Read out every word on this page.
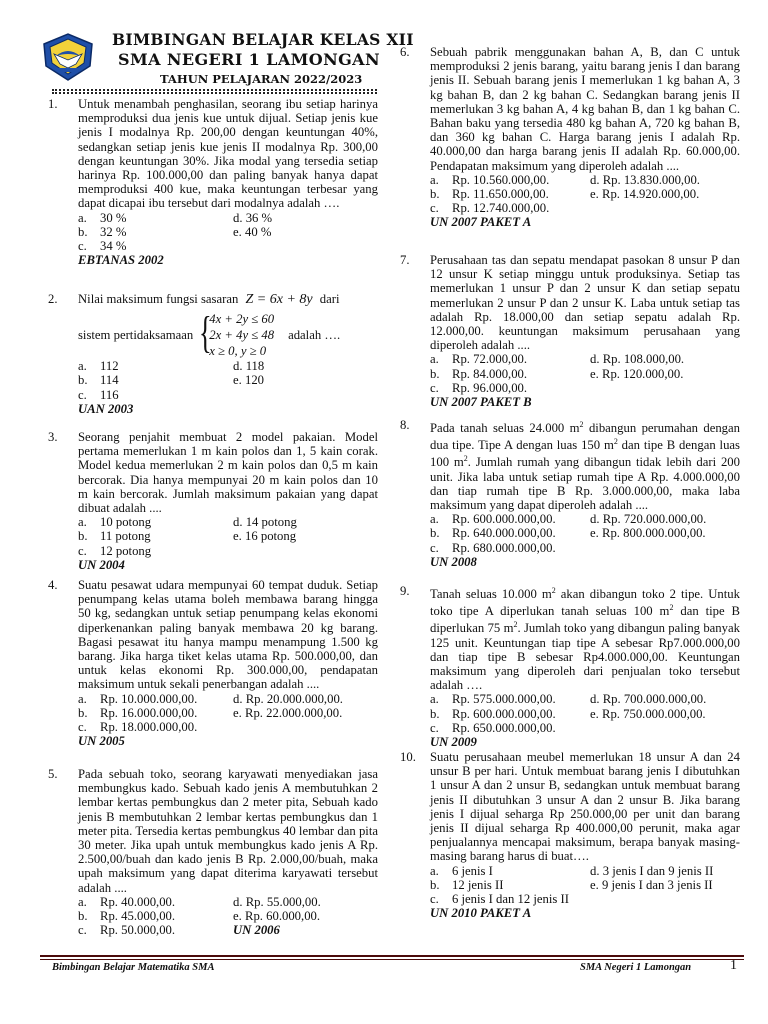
BIMBINGAN BELAJAR KELAS XII
SMA NEGERI 1 LAMONGAN
TAHUN PELAJARAN 2022/2023
1.	Untuk menambah penghasilan, seorang ibu setiap harinya memproduksi dua jenis kue untuk dijual. Setiap jenis kue jenis I modalnya Rp. 200,00 dengan keuntungan 40%, sedangkan setiap jenis kue jenis II modalnya Rp. 300,00 dengan keuntungan 30%. Jika modal yang tersedia setiap harinya Rp. 100.000,00 dan paling banyak hanya dapat memproduksi 400 kue, maka keuntungan terbesar yang dapat dicapai ibu tersebut dari modalnya adalah ….

a. 30 %	d. 36 %
b. 32 %	e. 40 %
c. 34 %
EBTANAS 2002
2.	Nilai maksimum fungsi sasaran Z = 6x + 8y dari
sistem pertidaksamaan {
4x + 2y ≤ 60
2x + 4y ≤ 48
x ≥ 0, y ≥ 0
adalah ….
a. 112	d. 118
b. 114	e. 120
c. 116
UAN 2003
3.	Seorang penjahit membuat 2 model pakaian. Model pertama memerlukan 1 m kain polos dan 1, 5 kain corak. Model kedua memerlukan 2 m kain polos dan 0,5 m kain bercorak. Dia hanya mempunyai 20 m kain polos dan 10 m kain bercorak. Jumlah maksimum pakaian yang dapat dibuat adalah ....

a. 10 potong	d. 14 potong
b. 11 potong	e. 16 potong
c. 12 potong
UN 2004
4.	Suatu pesawat udara mempunyai 60 tempat duduk. Setiap penumpang kelas utama boleh membawa barang hingga 50 kg, sedangkan untuk setiap penumpang kelas ekonomi diperkenankan paling banyak membawa 20 kg barang. Bagasi pesawat itu hanya mampu menampung 1.500 kg barang. Jika harga tiket kelas utama Rp. 500.000,00, dan untuk kelas ekonomi Rp. 300.000,00, pendapatan maksimum untuk sekali penerbangan adalah ....

a. Rp. 10.000.000,00.	d. Rp. 20.000.000,00.
b. Rp. 16.000.000,00.	e. Rp. 22.000.000,00.
c. Rp. 18.000.000,00.
UN 2005
5.	Pada sebuah toko, seorang karyawati menyediakan jasa membungkus kado. Sebuah kado jenis A membutuhkan 2 lembar kertas pembungkus dan 2 meter pita, Sebuah kado jenis B membutuhkan 2 lembar kertas pembungkus dan 1 meter pita. Tersedia kertas pembungkus 40 lembar dan pita 30 meter. Jika upah untuk membungkus kado jenis A Rp. 2.500,00/buah dan kado jenis B Rp. 2.000,00/buah, maka upah maksimum yang dapat diterima karyawati tersebut adalah ....

a. Rp. 40.000,00.	d. Rp. 55.000,00.
b. Rp. 45.000,00.	e. Rp. 60.000,00.
c. Rp. 50.000,00.	UN 2006
6.	Sebuah pabrik menggunakan bahan A, B, dan C untuk memproduksi 2 jenis barang, yaitu barang jenis I dan barang jenis II. Sebuah barang jenis I memerlukan 1 kg bahan A, 3 kg bahan B, dan 2 kg bahan C. Sedangkan barang jenis II memerlukan 3 kg bahan A, 4 kg bahan B, dan 1 kg bahan C. Bahan baku yang tersedia 480 kg bahan A, 720 kg bahan B, dan 360 kg bahan C. Harga barang jenis I adalah Rp. 40.000,00 dan harga barang jenis II adalah Rp. 60.000,00. Pendapatan maksimum yang diperoleh adalah ....

a. Rp. 10.560.000,00.	d. Rp. 13.830.000,00.
b. Rp. 11.650.000,00.	e. Rp. 14.920.000,00.
c. Rp. 12.740.000,00.
UN 2007 PAKET A
7.	Perusahaan tas dan sepatu mendapat pasokan 8 unsur P dan 12 unsur K setiap minggu untuk produksinya. Setiap tas memerlukan 1 unsur P dan 2 unsur K dan setiap sepatu memerlukan 2 unsur P dan 2 unsur K. Laba untuk setiap tas adalah Rp. 18.000,00 dan setiap sepatu adalah Rp. 12.000,00. keuntungan maksimum perusahaan yang diperoleh adalah ....

a. Rp. 72.000,00.	d. Rp. 108.000,00.
b. Rp. 84.000,00.	e. Rp. 120.000,00.
c. Rp. 96.000,00.
UN 2007 PAKET B
8.	Pada tanah seluas 24.000 $m^2$ dibangun perumahan dengan dua tipe. Tipe A dengan luas 150 $m^2$ dan tipe B dengan luas 100 $m^2$. Jumlah rumah yang dibangun tidak lebih dari 200 unit. Jika laba untuk setiap rumah tipe A Rp. 4.000.000,00 dan tiap rumah tipe B Rp. 3.000.000,00, maka laba maksimum yang dapat diperoleh adalah ....

a. Rp. 600.000.000,00.	d. Rp. 720.000.000,00.
b. Rp. 640.000.000,00.	e. Rp. 800.000.000,00.
c. Rp. 680.000.000,00.
UN 2008
9.	Tanah seluas 10.000 $m^2$ akan dibangun toko 2 tipe. Untuk toko tipe A diperlukan tanah seluas 100 $m^2$ dan tipe B diperlukan 75 $m^2$. Jumlah toko yang dibangun paling banyak 125 unit. Keuntungan tiap tipe A sebesar Rp7.000.000,00 dan tiap tipe B sebesar Rp4.000.000,00. Keuntungan maksimum yang diperoleh dari penjualan toko tersebut adalah ….

a. Rp. 575.000.000,00.	d. Rp. 700.000.000,00.
b. Rp. 600.000.000,00.	e. Rp. 750.000.000,00.
c. Rp. 650.000.000,00.
UN 2009
10.	Suatu perusahaan meubel memerlukan 18 unsur A dan 24 unsur B per hari. Untuk membuat barang jenis I dibutuhkan 1 unsur A dan 2 unsur B, sedangkan untuk membuat barang jenis II dibutuhkan 3 unsur A dan 2 unsur B. Jika barang jenis I dijual seharga Rp 250.000,00 per unit dan barang jenis II dijual seharga Rp 400.000,00 perunit, maka agar penjualannya mencapai maksimum, berapa banyak masing-masing barang harus di buat….

a. 6 jenis I	d. 3 jenis I dan 9 jenis II
b. 12 jenis II	e. 9 jenis I dan 3 jenis II
c. 6 jenis I dan 12 jenis II
UN 2010 PAKET A
Bimbingan Belajar Matematika SMA	SMA Negeri 1 Lamongan	1
